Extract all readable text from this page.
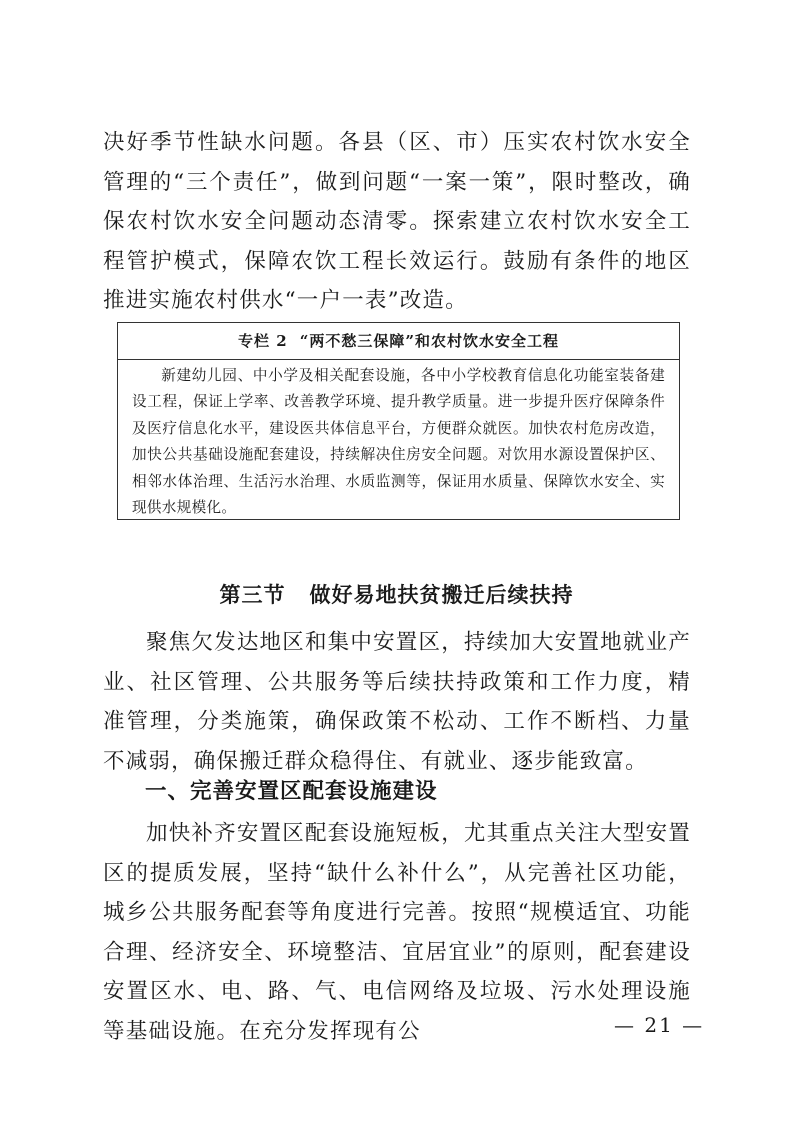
决好季节性缺水问题。各县（区、市）压实农村饮水安全管理的“三个责任”，做到问题“一案一策”，限时整改，确保农村饮水安全问题动态清零。探索建立农村饮水安全工程管护模式，保障农饮工程长效运行。鼓励有条件的地区推进实施农村供水“一户一表”改造。

专栏 2 “两不愁三保障”和农村饮水安全工程
新建幼儿园、中小学及相关配套设施，各中小学校教育信息化功能室装备建设工程，保证上学率、改善教学环境、提升教学质量。进一步提升医疗保障条件及医疗信息化水平，建设医共体信息平台，方便群众就医。加快农村危房改造，加快公共基础设施配套建设，持续解决住房安全问题。对饮用水源设置保护区、相邻水体治理、生活污水治理、水质监测等，保证用水质量、保障饮水安全、实现供水规模化。
第三节 做好易地扶贫搬迁后续扶持

聚焦欠发达地区和集中安置区，持续加大安置地就业产 业、社区管理、公共服务等后续扶持政策和工作力度，精准管理，分类施策，确保政策不松动、工作不断档、力量不减弱，确保搬迁群众稳得住、有就业、逐步能致富。

一、完善安置区配套设施建设

加快补齐安置区配套设施短板，尤其重点关注大型安置区的提质发展，坚持“缺什么补什么”，从完善社区功能，城乡公共服务配套等角度进行完善。按照“规模适宜、功能合理、经济安全、环境整洁、宜居宜业”的原则，配套建设安置区水、电、路、气、电信网络及垃圾、污水处理设施等基础设施。在充分发挥现有公	— 21 —
